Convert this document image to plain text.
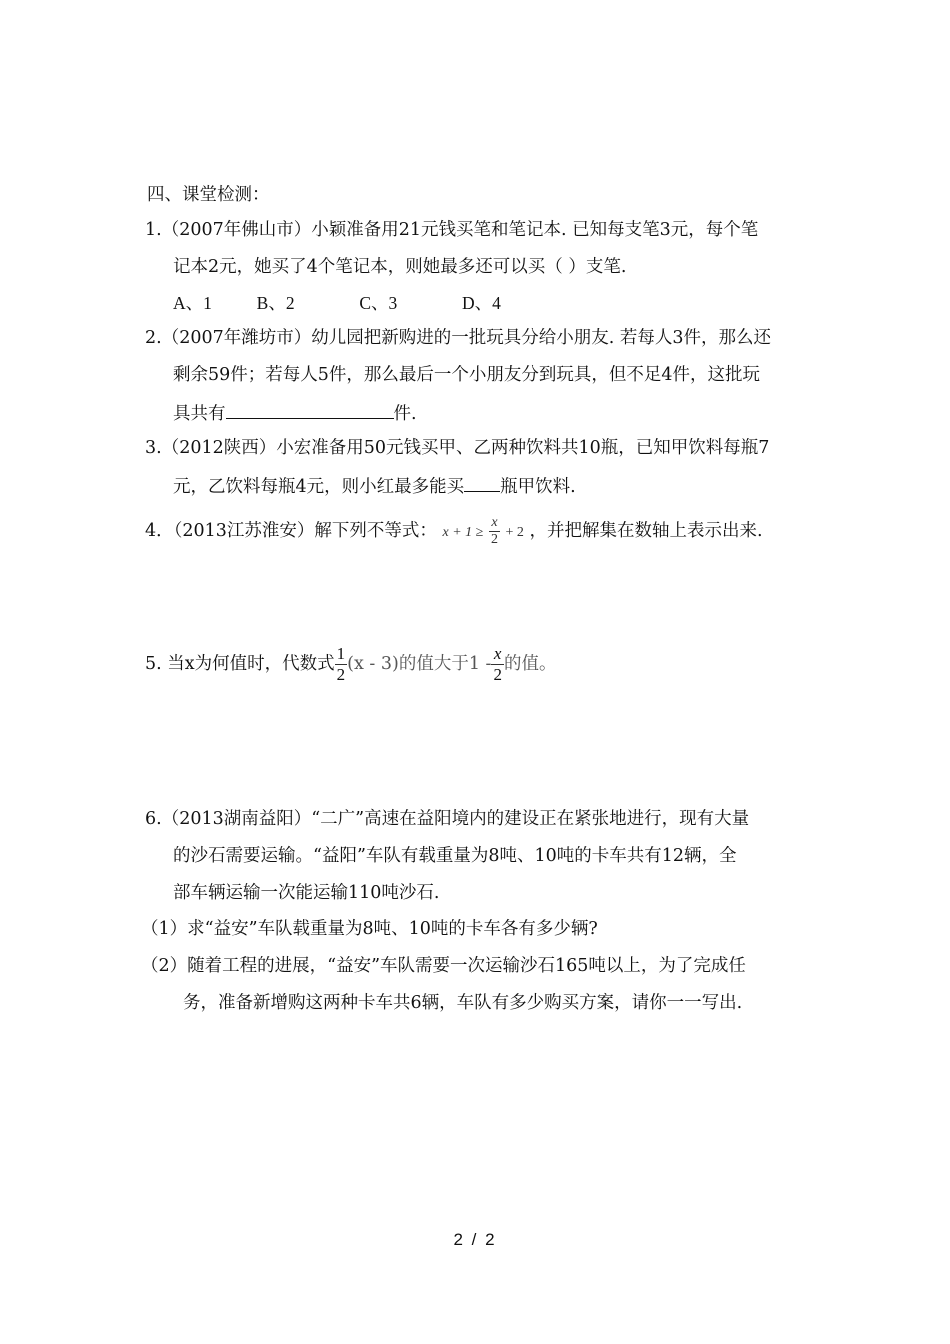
四、课堂检测：
1.（2007年佛山市）小颖准备用21元钱买笔和笔记本. 已知每支笔3元，每个笔
记本2元，她买了4个笔记本，则她最多还可以买（ ）支笔.
A、1	B、2	C、3	D、4
2.（2007年潍坊市）幼儿园把新购进的一批玩具分给小朋友. 若每人3件，那么还
剩余59件；若每人5件，那么最后一个小朋友分到玩具，但不足4件，这批玩
具共有	件.
3.（2012陕西）小宏准备用50元钱买甲、乙两种饮料共10瓶，已知甲饮料每瓶7
元，乙饮料每瓶4元，则小红最多能买 瓶甲饮料.
4．（2013江苏淮安）解下列不等式： $x + 1 \ge \frac{x}{2} + 2$ ，并把解集在数轴上表示出来.
5. 当x为何值时，代数式 $\frac{1}{2} (x - 3)$的值大于$1 - \frac{x}{2}$ 的值。
6.（2013湖南益阳）“二广”高速在益阳境内的建设正在紧张地进行，现有大量
的沙石需要运输。“益阳”车队有载重量为8吨、10吨的卡车共有12辆，全
部车辆运输一次能运输110吨沙石.
（1）求“益安”车队载重量为8吨、10吨的卡车各有多少辆?
（2）随着工程的进展，“益安”车队需要一次运输沙石165吨以上，为了完成任
务，准备新增购这两种卡车共6辆，车队有多少购买方案，请你一一写出.
2 / 2
